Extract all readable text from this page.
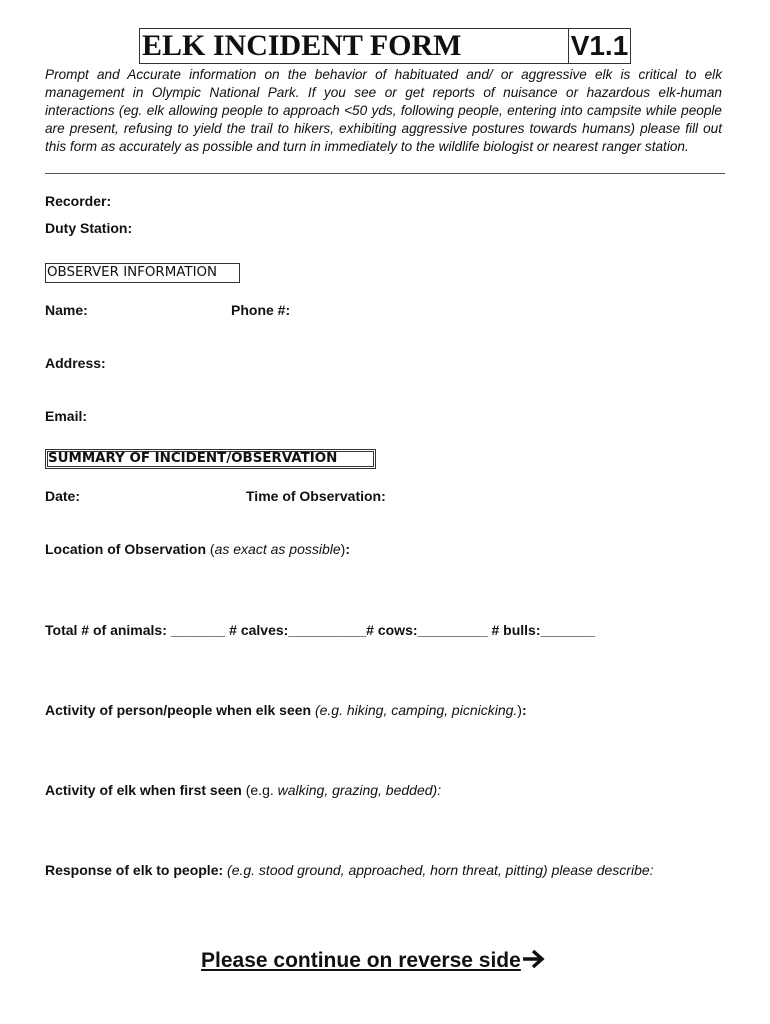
ELK INCIDENT FORM	V1.1
Prompt and Accurate information on the behavior of habituated and/ or aggressive elk is critical to elk management in Olympic National Park. If you see or get reports of nuisance or hazardous elk-human interactions (eg. elk allowing people to approach <50 yds, following people, entering into campsite while people are present, refusing to yield the trail to hikers, exhibiting aggressive postures towards humans) please fill out this form as accurately as possible and turn in immediately to the wildlife biologist or nearest ranger station.
Recorder:
Duty Station:
OBSERVER INFORMATION
Name:	Phone #:
Address:
Email:
SUMMARY OF INCIDENT/OBSERVATION
Date:	Time of Observation:
Location of Observation (as exact as possible):
Total # of animals: _______ # calves:__________# cows:_________ # bulls:_______
Activity of person/people when elk seen (e.g. hiking, camping, picnicking.):
Activity of elk when first seen (e.g. walking, grazing, bedded):
Response of elk to people: (e.g. stood ground, approached, horn threat, pitting) please describe:
Please continue on reverse side
